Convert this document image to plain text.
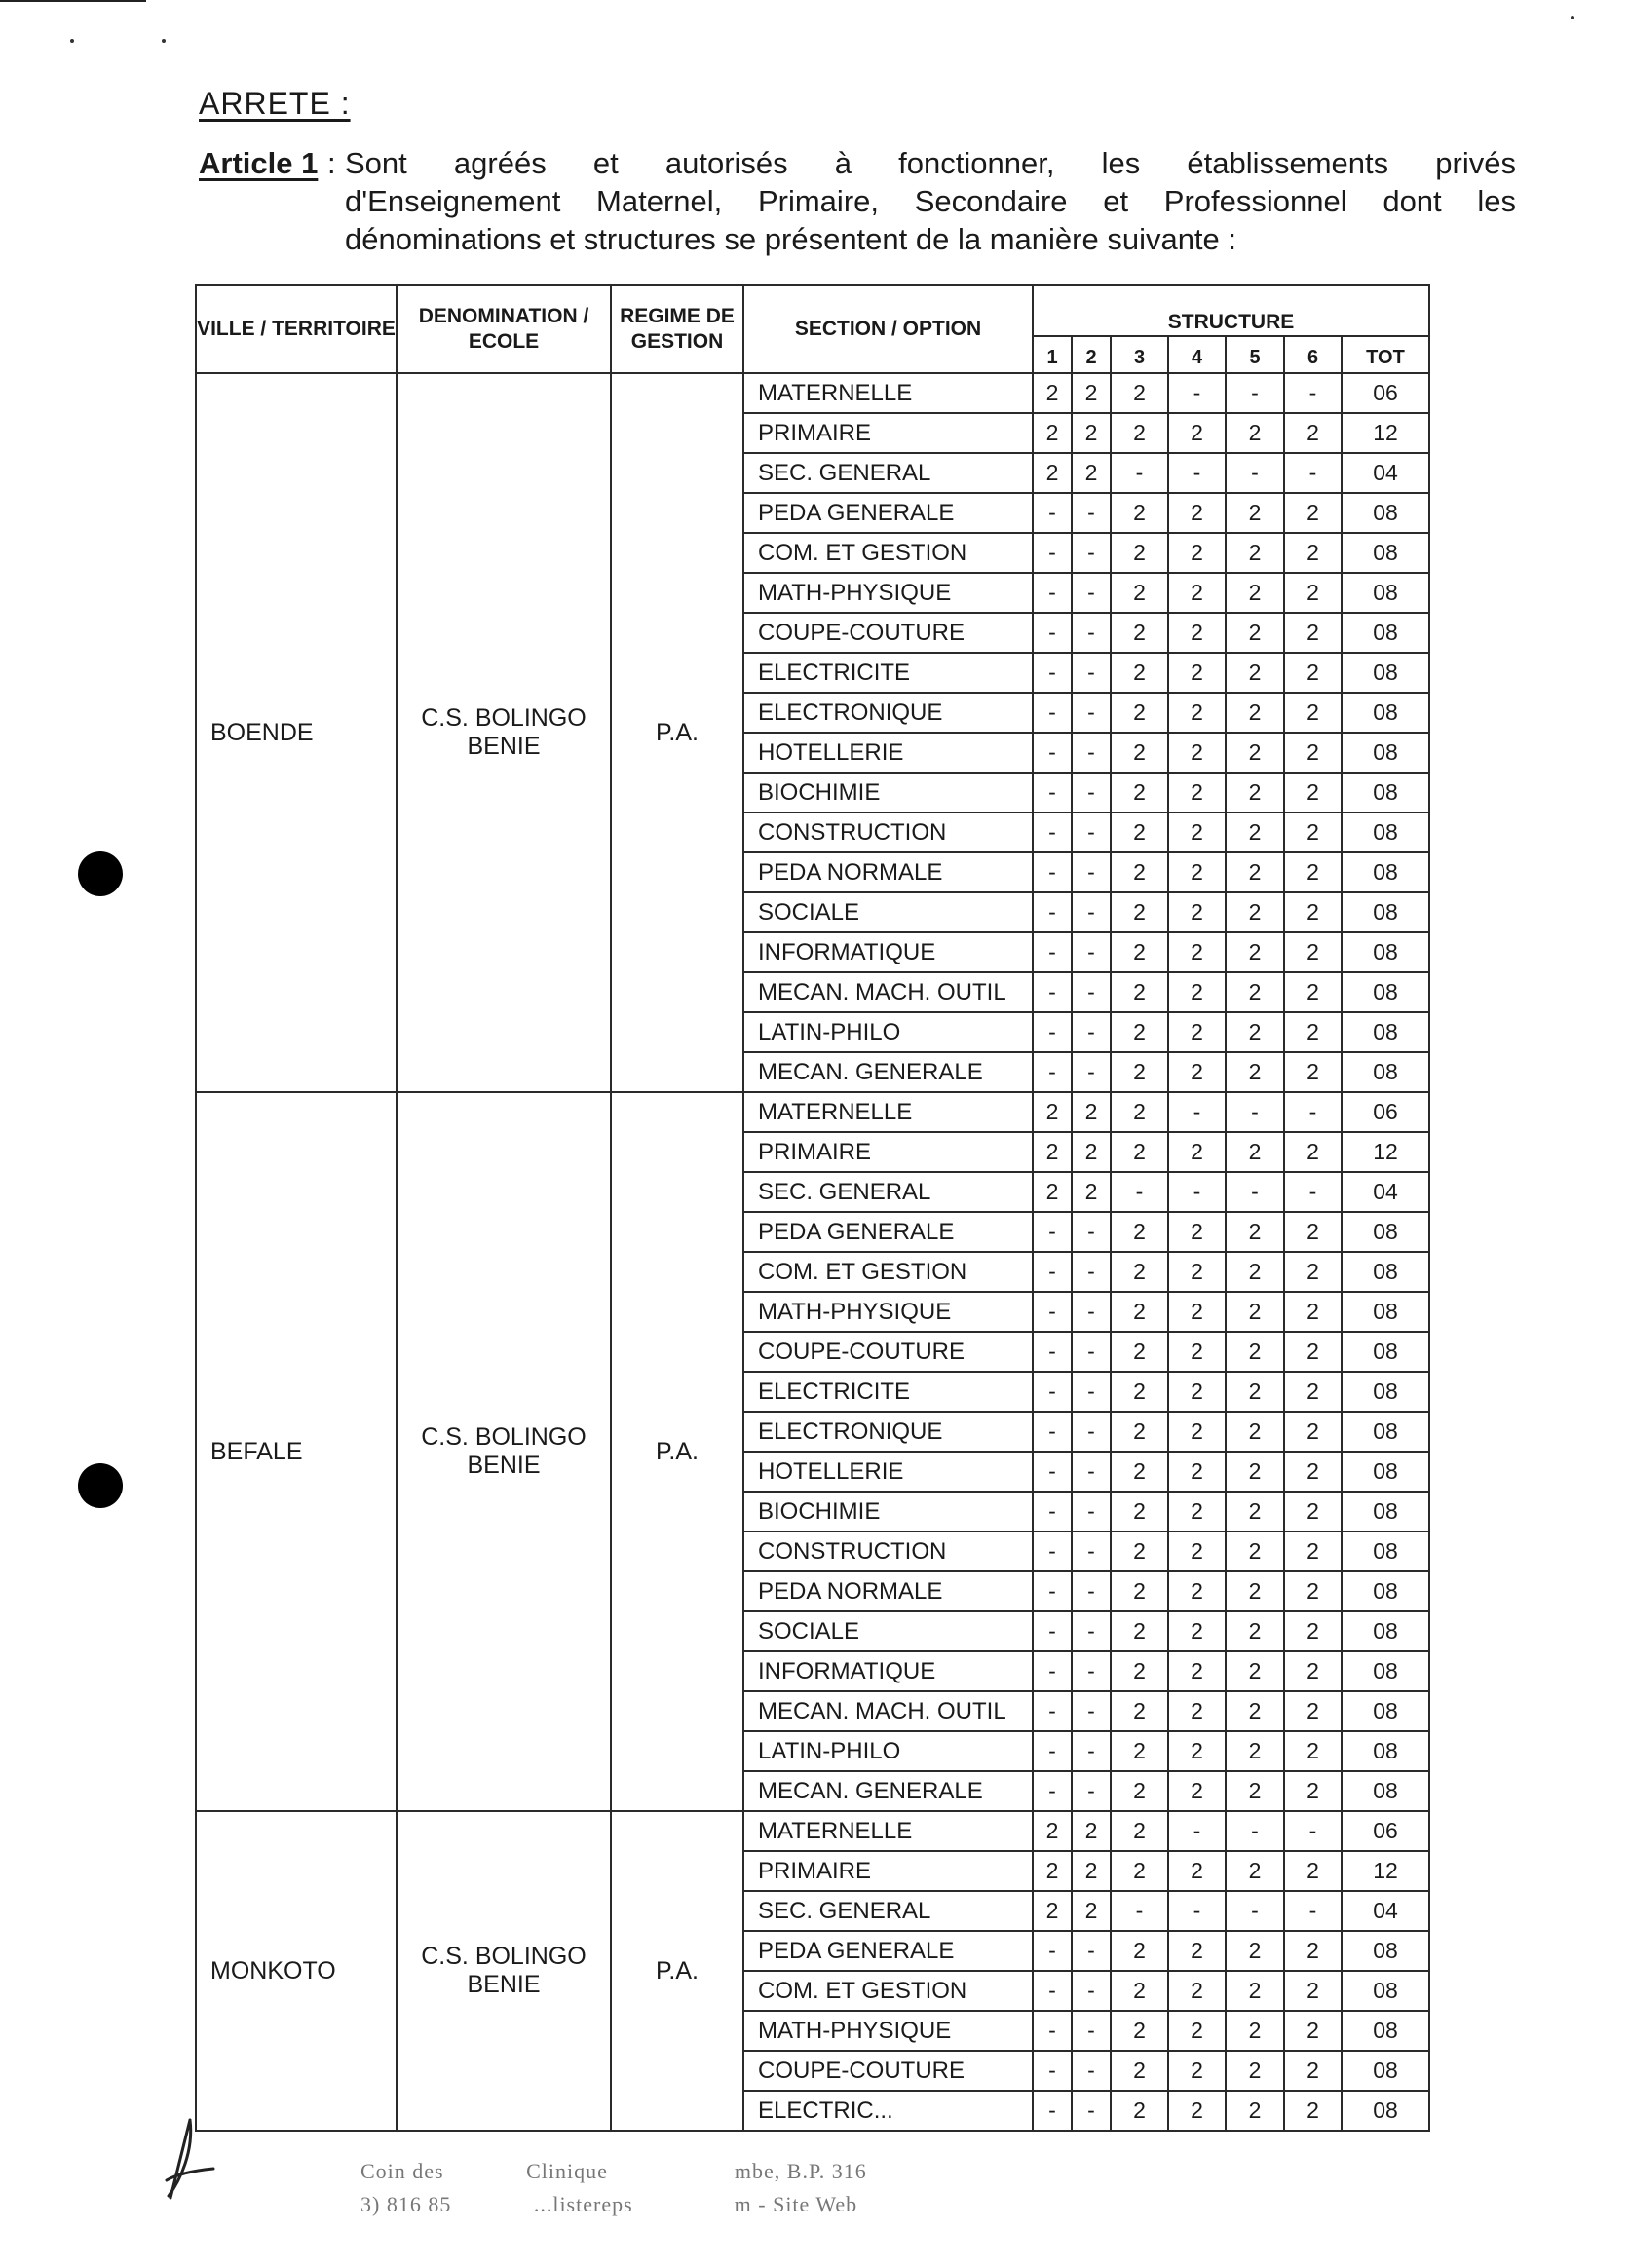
ARRETE :
Article 1 : Sont agréés et autorisés à fonctionner, les établissements privés
d'Enseignement Maternel, Primaire, Secondaire et Professionnel dont les
dénominations et structures se présentent de la manière suivante :
VILLE / TERRITOIRE	DENOMINATION / ECOLE	REGIME DE GESTION	SECTION / OPTION	STRUCTURE						
				1	2	3	4	5	6	TOT
BOENDE	C.S. BOLINGO BENIE	P.A.	MATERNELLE	2	2	2	-	-	-	06
			PRIMAIRE	2	2	2	2	2	2	12
			SEC. GENERAL	2	2	-	-	-	-	04
			PEDA GENERALE	-	-	2	2	2	2	08
			COM. ET GESTION	-	-	2	2	2	2	08
			MATH-PHYSIQUE	-	-	2	2	2	2	08
			COUPE-COUTURE	-	-	2	2	2	2	08
			ELECTRICITE	-	-	2	2	2	2	08
			ELECTRONIQUE	-	-	2	2	2	2	08
			HOTELLERIE	-	-	2	2	2	2	08
			BIOCHIMIE	-	-	2	2	2	2	08
			CONSTRUCTION	-	-	2	2	2	2	08
			PEDA NORMALE	-	-	2	2	2	2	08
			SOCIALE	-	-	2	2	2	2	08
			INFORMATIQUE	-	-	2	2	2	2	08
			MECAN. MACH. OUTIL	-	-	2	2	2	2	08
			LATIN-PHILO	-	-	2	2	2	2	08
			MECAN. GENERALE	-	-	2	2	2	2	08
BEFALE	C.S. BOLINGO BENIE	P.A.	MATERNELLE	2	2	2	-	-	-	06
			PRIMAIRE	2	2	2	2	2	2	12
			SEC. GENERAL	2	2	-	-	-	-	04
			PEDA GENERALE	-	-	2	2	2	2	08
			COM. ET GESTION	-	-	2	2	2	2	08
			MATH-PHYSIQUE	-	-	2	2	2	2	08
			COUPE-COUTURE	-	-	2	2	2	2	08
			ELECTRICITE	-	-	2	2	2	2	08
			ELECTRONIQUE	-	-	2	2	2	2	08
			HOTELLERIE	-	-	2	2	2	2	08
			BIOCHIMIE	-	-	2	2	2	2	08
			CONSTRUCTION	-	-	2	2	2	2	08
			PEDA NORMALE	-	-	2	2	2	2	08
			SOCIALE	-	-	2	2	2	2	08
			INFORMATIQUE	-	-	2	2	2	2	08
			MECAN. MACH. OUTIL	-	-	2	2	2	2	08
			LATIN-PHILO	-	-	2	2	2	2	08
			MECAN. GENERALE	-	-	2	2	2	2	08
MONKOTO	C.S. BOLINGO BENIE	P.A.	MATERNELLE	2	2	2	-	-	-	06
			PRIMAIRE	2	2	2	2	2	2	12
			SEC. GENERAL	2	2	-	-	-	-	04
			PEDA GENERALE	-	-	2	2	2	2	08
			COM. ET GESTION	-	-	2	2	2	2	08
			MATH-PHYSIQUE	-	-	2	2	2	2	08
			COUPE-COUTURE	-	-	2	2	2	2	08
			ELECTRIC...	-	-	2	2	2	2	08
Coin des             Clinique                    mbe, B.P. 316
3) 816 85             ...listereps                m - Site Web
